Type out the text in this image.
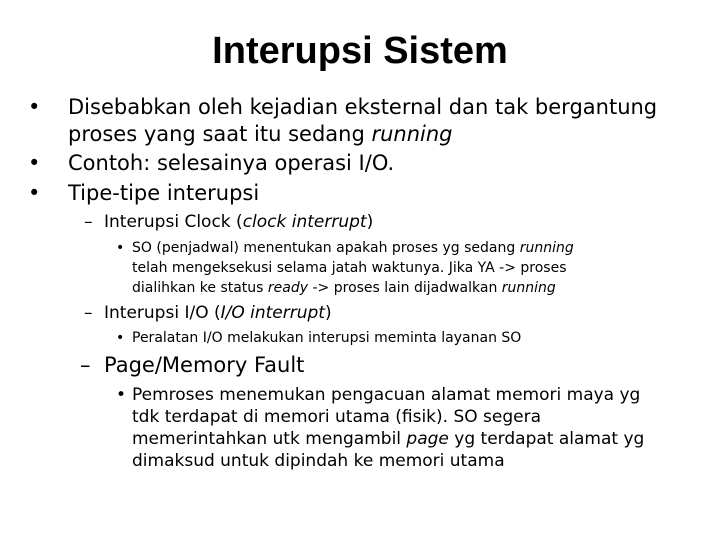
Interupsi Sistem
• Disebabkan oleh kejadian eksternal dan tak bergantung
proses yang saat itu sedang running
• Contoh: selesainya operasi I/O.
• Tipe-tipe interupsi
– Interupsi Clock (clock interrupt)
• SO (penjadwal) menentukan apakah proses yg sedang running
telah mengeksekusi selama jatah waktunya. Jika YA -> proses
dialihkan ke status ready -> proses lain dijadwalkan running
– Interupsi I/O (I/O interrupt)
• Peralatan I/O melakukan interupsi meminta layanan SO
– Page/Memory Fault
• Pemroses menemukan pengacuan alamat memori maya yg
tdk terdapat di memori utama (fisik). SO segera
memerintahkan utk mengambil page yg terdapat alamat yg
dimaksud untuk dipindah ke memori utama
